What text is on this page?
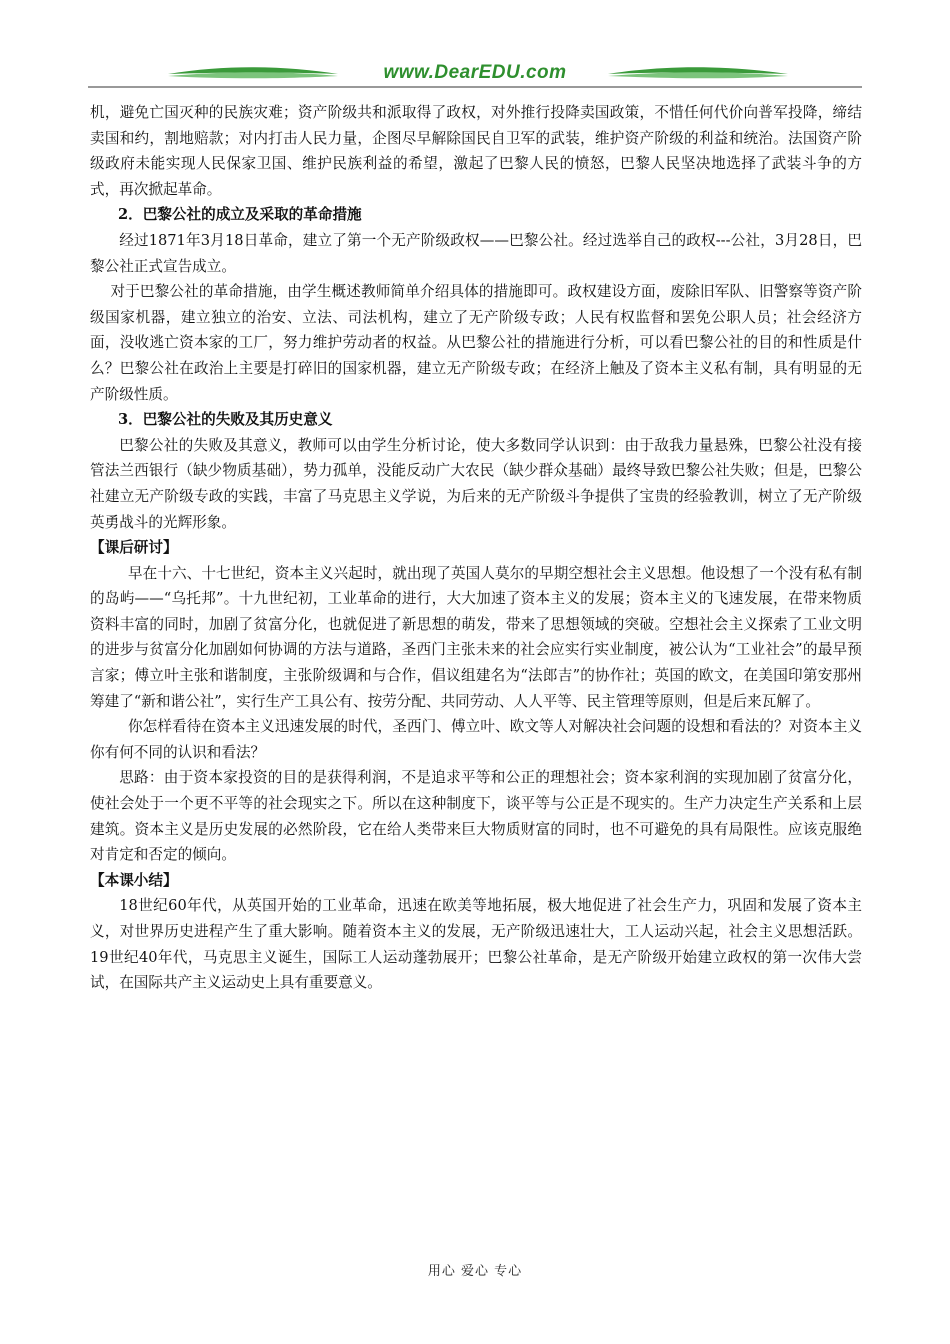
www.DearEDU.com

机，避免亡国灭种的民族灾难；资产阶级共和派取得了政权，对外推行投降卖国政策，不惜任何代价向普军投降，缔结卖国和约，割地赔款；对内打击人民力量，企图尽早解除国民自卫军的武装，维护资产阶级的利益和统治。法国资产阶级政府未能实现人民保家卫国、维护民族利益的希望，激起了巴黎人民的愤怒，巴黎人民坚决地选择了武装斗争的方式，再次掀起革命。

2．巴黎公社的成立及采取的革命措施

经过1871年3月18日革命，建立了第一个无产阶级政权——巴黎公社。经过选举自己的政权---公社，3月28日，巴黎公社正式宣告成立。

对于巴黎公社的革命措施，由学生概述教师简单介绍具体的措施即可。政权建设方面，废除旧军队、旧警察等资产阶级国家机器，建立独立的治安、立法、司法机构，建立了无产阶级专政；人民有权监督和罢免公职人员；社会经济方面，没收逃亡资本家的工厂，努力维护劳动者的权益。从巴黎公社的措施进行分析，可以看巴黎公社的目的和性质是什么？巴黎公社在政治上主要是打碎旧的国家机器，建立无产阶级专政；在经济上触及了资本主义私有制，具有明显的无产阶级性质。

3．巴黎公社的失败及其历史意义

巴黎公社的失败及其意义，教师可以由学生分析讨论，使大多数同学认识到：由于敌我力量悬殊，巴黎公社没有接管法兰西银行（缺少物质基础），势力孤单，没能反动广大农民（缺少群众基础）最终导致巴黎公社失败；但是，巴黎公社建立无产阶级专政的实践，丰富了马克思主义学说，为后来的无产阶级斗争提供了宝贵的经验教训，树立了无产阶级英勇战斗的光辉形象。

【课后研讨】

早在十六、十七世纪，资本主义兴起时，就出现了英国人莫尔的早期空想社会主义思想。他设想了一个没有私有制的岛屿——“乌托邦”。十九世纪初，工业革命的进行，大大加速了资本主义的发展；资本主义的飞速发展，在带来物质资料丰富的同时，加剧了贫富分化，也就促进了新思想的萌发，带来了思想领域的突破。空想社会主义探索了工业文明的进步与贫富分化加剧如何协调的方法与道路，圣西门主张未来的社会应实行实业制度，被公认为“工业社会”的最早预言家；傅立叶主张和谐制度，主张阶级调和与合作，倡议组建名为“法郎吉”的协作社；英国的欧文，在美国印第安那州筹建了“新和谐公社”，实行生产工具公有、按劳分配、共同劳动、人人平等、民主管理等原则，但是后来瓦解了。

你怎样看待在资本主义迅速发展的时代，圣西门、傅立叶、欧文等人对解决社会问题的设想和看法的？对资本主义你有何不同的认识和看法？

思路：由于资本家投资的目的是获得利润，不是追求平等和公正的理想社会；资本家利润的实现加剧了贫富分化，使社会处于一个更不平等的社会现实之下。所以在这种制度下，谈平等与公正是不现实的。生产力决定生产关系和上层建筑。资本主义是历史发展的必然阶段，它在给人类带来巨大物质财富的同时，也不可避免的具有局限性。应该克服绝对肯定和否定的倾向。

【本课小结】

18世纪60年代，从英国开始的工业革命，迅速在欧美等地拓展，极大地促进了社会生产力，巩固和发展了资本主义，对世界历史进程产生了重大影响。随着资本主义的发展，无产阶级迅速壮大，工人运动兴起，社会主义思想活跃。19世纪40年代，马克思主义诞生，国际工人运动蓬勃展开；巴黎公社革命，是无产阶级开始建立政权的第一次伟大尝试，在国际共产主义运动史上具有重要意义。

用心 爱心 专心
